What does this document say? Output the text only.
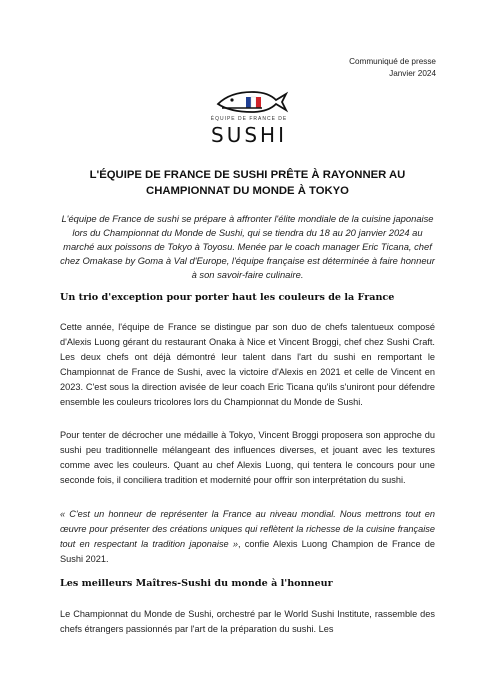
Communiqué de presse
Janvier 2024
ÉQUIPE DE FRANCE DE
SUSHI
L'ÉQUIPE DE FRANCE DE SUSHI PRÊTE À RAYONNER AU
CHAMPIONNAT DU MONDE À TOKYO
L'équipe de France de sushi se prépare à affronter l'élite mondiale de la cuisine japonaise lors du Championnat du Monde de Sushi, qui se tiendra du 18 au 20 janvier 2024 au marché aux poissons de Tokyo à Toyosu. Menée par le coach manager Eric Ticana, chef chez Omakase by Goma à Val d'Europe, l'équipe française est déterminée à faire honneur à son savoir-faire culinaire.
Un trio d'exception pour porter haut les couleurs de la France
Cette année, l'équipe de France se distingue par son duo de chefs talentueux composé d'Alexis Luong gérant du restaurant Onaka à Nice et Vincent Broggi, chef chez Sushi Craft. Les deux chefs ont déjà démontré leur talent dans l'art du sushi en remportant le Championnat de France de Sushi, avec la victoire d'Alexis en 2021 et celle de Vincent en 2023. C'est sous la direction avisée de leur coach Eric Ticana qu'ils s'uniront pour défendre ensemble les couleurs tricolores lors du Championnat du Monde de Sushi.
Pour tenter de décrocher une médaille à Tokyo, Vincent Broggi proposera son approche du sushi peu traditionnelle mélangeant des influences diverses, et jouant avec les textures comme avec les couleurs. Quant au chef Alexis Luong, qui tentera le concours pour une seconde fois, il conciliera tradition et modernité pour offrir son interprétation du sushi.
« C'est un honneur de représenter la France au niveau mondial. Nous mettrons tout en œuvre pour présenter des créations uniques qui reflètent la richesse de la cuisine française tout en respectant la tradition japonaise », confie Alexis Luong Champion de France de Sushi 2021.
Les meilleurs Maîtres-Sushi du monde à l'honneur
Le Championnat du Monde de Sushi, orchestré par le World Sushi Institute, rassemble des chefs étrangers passionnés par l'art de la préparation du sushi. Les
